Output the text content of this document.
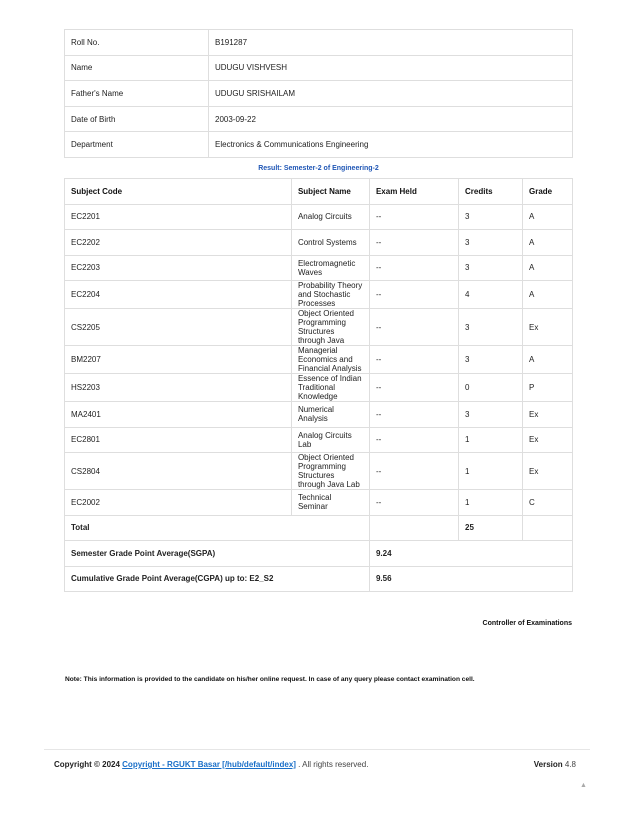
Roll No.	B191287
Name	UDUGU VISHVESH
Father's Name	UDUGU SRISHAILAM
Date of Birth	2003-09-22
Department	Electronics & Communications Engineering
Result: Semester-2 of Engineering-2
Subject Code	Subject Name	Exam Held	Credits	Grade
EC2201	Analog Circuits	--	3	A
EC2202	Control Systems	--	3	A
EC2203	Electromagnetic Waves	--	3	A
EC2204	Probability Theory and Stochastic Processes	--	4	A
CS2205	Object Oriented Programming Structures through Java	--	3	Ex
BM2207	Managerial Economics and Financial Analysis	--	3	A
HS2203	Essence of Indian Traditional Knowledge	--	0	P
MA2401	Numerical Analysis	--	3	Ex
EC2801	Analog Circuits Lab	--	1	Ex
CS2804	Object Oriented Programming Structures through Java Lab	--	1	Ex
EC2002	Technical Seminar	--	1	C
Total			25	
Semester Grade Point Average(SGPA)		9.24		
Cumulative Grade Point Average(CGPA) up to: E2_S2		9.56		
Controller of Examinations
Note: This information is provided to the candidate on his/her online request. In case of any query please contact examination cell.
Copyright © 2024 Copyright - RGUKT Basar [/hub/default/index] . All rights reserved.	Version 4.8
▲
